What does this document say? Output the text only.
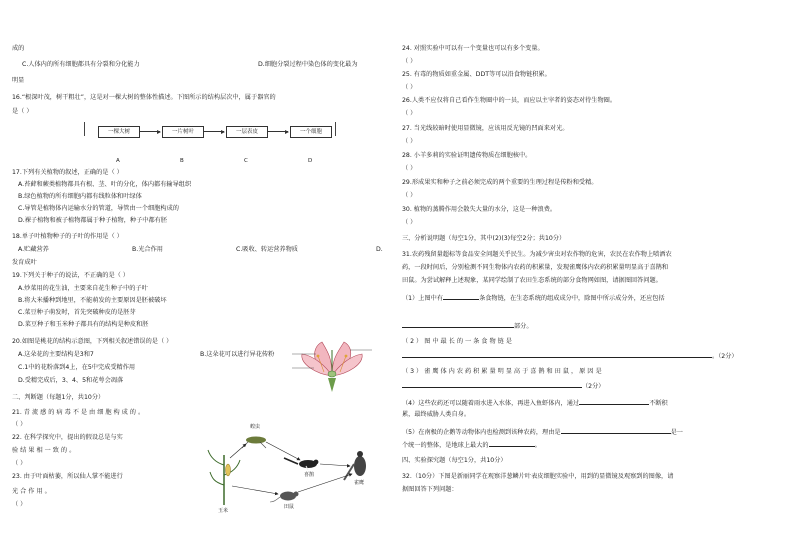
成的
C.人体内的所有细胞都具有分裂和分化能力	D.细胞分裂过程中染色体的变化最为
明显
16.“根深叶茂，树干粗壮”，这是对一棵大树的整体性描述。下图所示的结构层次中，属于器官的
是（ ）
一棵大树	一片树叶	一层表皮	一个细胞
A	B	C	D
17.下列有关植物的叙述，正确的是（ ）
A.苔藓和蕨类植物都具有根、茎、叶的分化，体内都有输导组织
B.绿色植物的所有细胞内都有线粒体和叶绿体
C.导管是植物体内运输水分的管道，导管由一个细胞构成的
D.裸子植物和被子植物都属于种子植物，种子中都有胚
18.单子叶植物种子的子叶的作用是（ ）
A.贮藏营养	B.光合作用	C.吸收、转运营养物质	D.
发育成叶
19.下列关于种子的说法，不正确的是（ ）
A.炒菜用的花生油，主要来自花生种子中的子叶
B.将大米播种到地里，不能萌发的主要原因是胚被破坏
C.菜豆种子萌发时，首先突破种皮的是胚芽
D.菜豆种子和玉米种子都具有的结构是种皮和胚
20.如图是桃花的结构示意图，下列相关叙述错误的是（ ）
A.这朵花的主要结构是3和7	B.这朵花可以进行异花传粉
C.1中的花粉落到4上，在5中完成受精作用
D.受精完成后，3、4、5和花萼会凋落
二、判断题（每题1分，共10分）
21. 青 流 感 的 病 毒 不 是 由 细 胞 构 成 的 。
（ ）
22. 在科学探究中，提出的假设总是与实
验 结 果 相 一 致 的 。
（ ）
23. 由于叶面枯萎，所以仙人掌不能进行
光 合 作 用 。
（ ）
蝗虫
玉米
喜鹊
田鼠
雀鹰
24. 对照实验中可以有一个变量也可以有多个变量。
（ ）
25. 有毒的物质如重金属、DDT等可以沿食物链积累。
（ ）
26.人类不应仅将自己看作生物圈中的一员，而应以主宰者的姿态对待生物圈。
（ ）
27. 当光线较暗时使用显微镜，应该用反光镜的凹面来对光。
（ ）
28. 小羊多莉的实验证明遗传物质在细胞核中。
（ ）
29.形成果实和种子之前必须完成的两个重要的生理过程是传粉和受精。
（ ）
30. 植物的蒸腾作用会散失大量的水分，这是一种浪费。
（ ）
三、分析说明题（每空1分，其中(2)(3)每空2分；共10分）
31.农药残留量超标等食品安全问题关乎民生。为减少害虫对农作物的危害，农民在农作物上喷洒农
药，一段时间后，分别检测不同生物体内农药的积累量，发现雀鹰体内农药积累量明显高于喜鹊和
田鼠。为尝试解释上述现象，某同学绘制了农田生态系统的部分食物网如图，请据图回答问题。
（1）上图中有	条食物链，在生态系统的组成成分中，除图中所示成分外，还应包括
部分。
（ 2 ） 图 中 最 长 的 一 条 食 物 链 是
。（2分）
（ 3 ） 雀 鹰 体 内 农 药 积 累 量 明 显 高 于 喜 鹊 和 田 鼠 ， 原 因 是
（2分）
（4）这些农药还可以随着雨水进入水体，再进入鱼虾体内，通过	不断积
累，最终威胁人类自身。
（5）在南极的企鹅等动物体内也检测到该种农药，理由是	是一
个统一的整体，是地球上最大的	。
四、实验探究题（每空1分，共10分）
32.（10分）下图是新丽同学在观察洋葱鳞片叶表皮细胞实验中，用到的显微镜及观察到的图像，请
据图回答下列问题：
